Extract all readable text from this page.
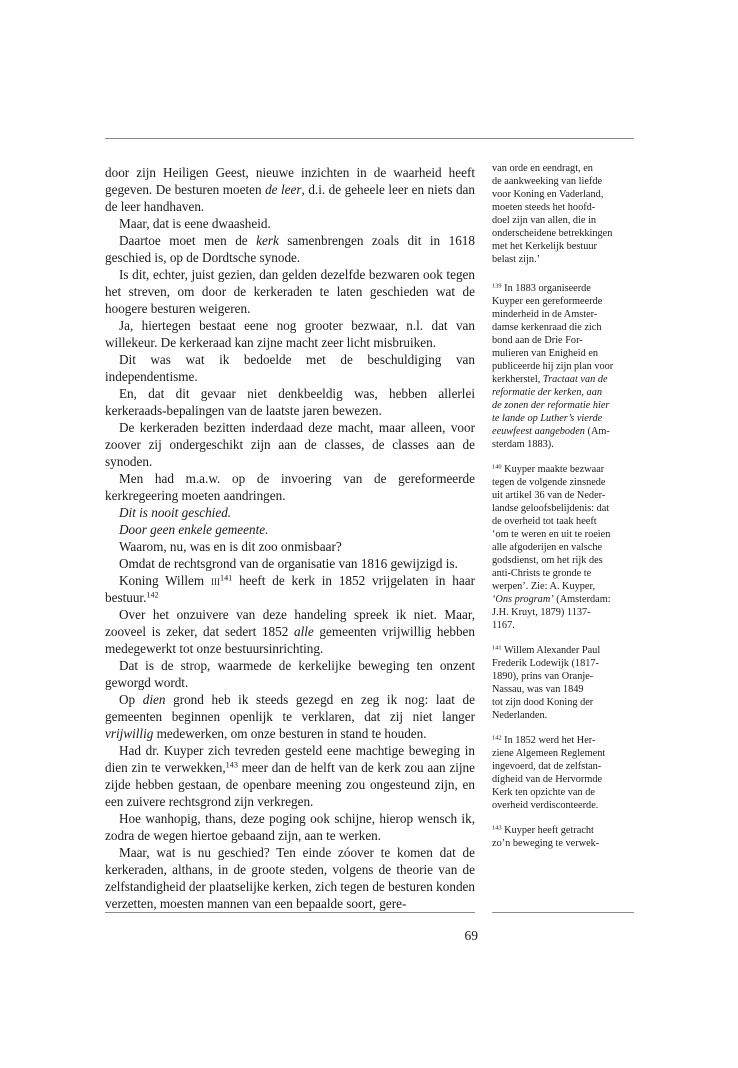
door zijn Heiligen Geest, nieuwe inzichten in de waarheid heeft gegeven. De besturen moeten de leer, d.i. de geheele leer en niets dan de leer handhaven.

Maar, dat is eene dwaasheid.

Daartoe moet men de kerk samenbrengen zoals dit in 1618 geschied is, op de Dordtsche synode.

Is dit, echter, juist gezien, dan gelden dezelfde bezwaren ook tegen het streven, om door de kerkeraden te laten geschieden wat de hoogere besturen weigeren.

Ja, hiertegen bestaat eene nog grooter bezwaar, n.l. dat van willekeur. De kerkeraad kan zijne macht zeer licht misbruiken.

Dit was wat ik bedoelde met de beschuldiging van independentisme.

En, dat dit gevaar niet denkbeeldig was, hebben allerlei kerkeraads-bepalingen van de laatste jaren bewezen.

De kerkeraden bezitten inderdaad deze macht, maar alleen, voor zoover zij ondergeschikt zijn aan de classes, de classes aan de synoden.

Men had m.a.w. op de invoering van de gereformeerde kerkregeering moeten aandringen.

Dit is nooit geschied.

Door geen enkele gemeente.

Waarom, nu, was en is dit zoo onmisbaar?

Omdat de rechtsgrond van de organisatie van 1816 gewijzigd is.

Koning Willem iii$^{141}$ heeft de kerk in 1852 vrijgelaten in haar bestuur.$^{142}$

Over het onzuivere van deze handeling spreek ik niet. Maar, zooveel is zeker, dat sedert 1852 alle gemeenten vrijwillig hebben medegewerkt tot onze bestuursinrichting.

Dat is de strop, waarmede de kerkelijke beweging ten onzent geworgd wordt.

Op dien grond heb ik steeds gezegd en zeg ik nog: laat de gemeenten beginnen openlijk te verklaren, dat zij niet langer vrijwillig medewerken, om onze besturen in stand te houden.

Had dr. Kuyper zich tevreden gesteld eene machtige beweging in dien zin te verwekken,$^{143}$ meer dan de helft van de kerk zou aan zijne zijde hebben gestaan, de openbare meening zou ongesteund zijn, en een zuivere rechtsgrond zijn verkregen.

Hoe wanhopig, thans, deze poging ook schijne, hierop wensch ik, zodra de wegen hiertoe gebaand zijn, aan te werken.

Maar, wat is nu geschied? Ten einde zóover te komen dat de kerkeraden, althans, in de groote steden, volgens de theorie van de zelfstandigheid der plaatselijke kerken, zich tegen de besturen konden verzetten, moesten mannen van een bepaalde soort, gere-

van orde en eendragt, en
de aankweeking van liefde
voor Koning en Vaderland,
moeten steeds het hoofd-
doel zijn van allen, die in
onderscheidene betrekkingen
met het Kerkelijk bestuur
belast zijn.’
$^{139}$ In 1883 organiseerde
Kuyper een gereformeerde
minderheid in de Amster-
damse kerkenraad die zich
bond aan de Drie For-
mulieren van Enigheid en
publiceerde hij zijn plan voor
kerkherstel, Tractaat van de
reformatie der kerken, aan
de zonen der reformatie hier
te lande op Luther’s vierde
eeuwfeest aangeboden (Am-
sterdam 1883).
$^{140}$ Kuyper maakte bezwaar
tegen de volgende zinsnede
uit artikel 36 van de Neder-
landse geloofsbelijdenis: dat
de overheid tot taak heeft
‘om te weren en uit te roeien
alle afgoderijen en valsche
godsdienst, om het rijk des
anti-Christs te gronde te
werpen’. Zie: A. Kuyper,
‘Ons program’ (Amsterdam:
J.H. Kruyt, 1879) 1137-
1167.
$^{141}$ Willem Alexander Paul
Frederik Lodewijk (1817-
1890), prins van Oranje-
Nassau, was van 1849
tot zijn dood Koning der
Nederlanden.
$^{142}$ In 1852 werd het Her-
ziene Algemeen Reglement
ingevoerd, dat de zelfstan-
digheid van de Hervormde
Kerk ten opzichte van de
overheid verdisconteerde.
$^{143}$ Kuyper heeft getracht
zo’n beweging te verwek-
69
